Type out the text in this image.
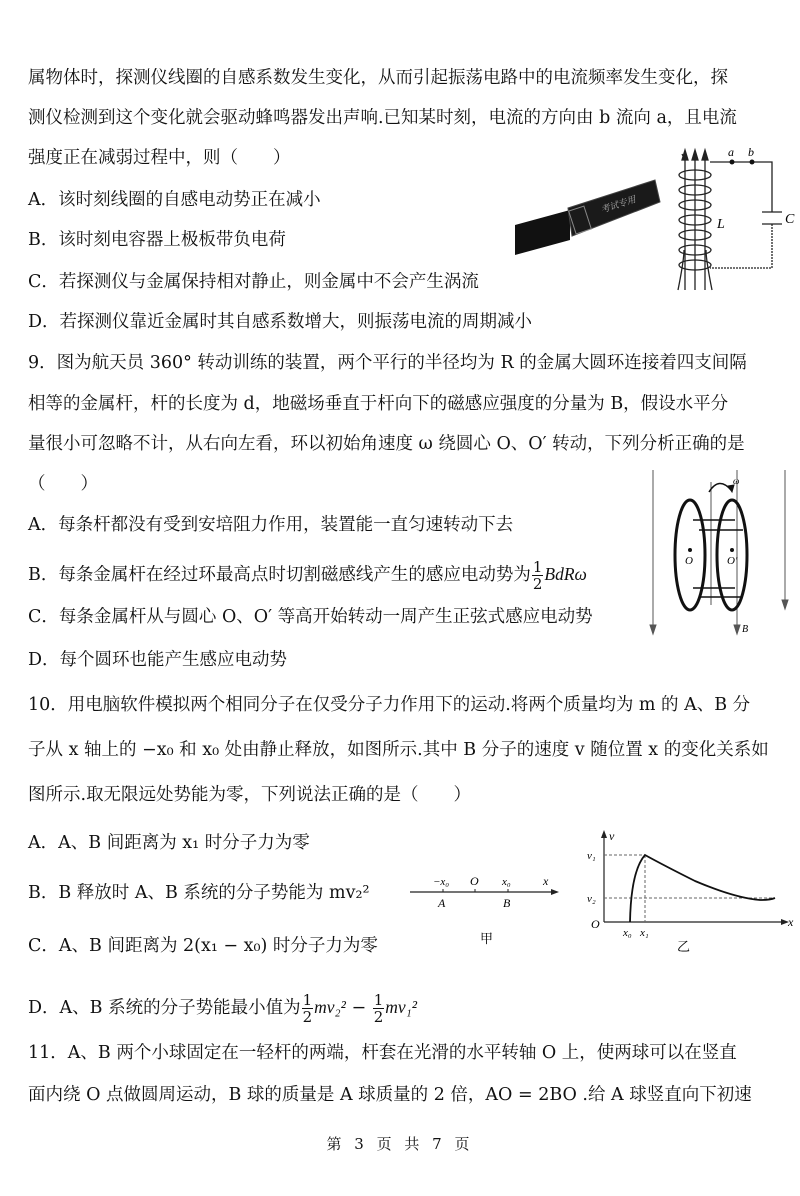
属物体时，探测仪线圈的自感系数发生变化，从而引起振荡电路中的电流频率发生变化，探
测仪检测到这个变化就会驱动蜂鸣器发出声响.已知某时刻，电流的方向由 b 流向 a，且电流
强度正在减弱过程中，则（　　）
A．该时刻线圈的自感电动势正在减小
B．该时刻电容器上极板带负电荷
C．若探测仪与金属保持相对静止，则金属中不会产生涡流
D．若探测仪靠近金属时其自感系数增大，则振荡电流的周期减小
考试专用
a b
L	C
9．图为航天员 360° 转动训练的装置，两个平行的半径均为 R 的金属大圆环连接着四支间隔
相等的金属杆，杆的长度为 d，地磁场垂直于杆向下的磁感应强度的分量为 B，假设水平分
量很小可忽略不计，从右向左看，环以初始角速度 ω 绕圆心 O、O′ 转动，下列分析正确的是
（　　）
A．每条杆都没有受到安培阻力作用，装置能一直匀速转动下去
B．每条金属杆在经过环最高点时切割磁感线产生的感应电动势为 $\frac{1}{2}$ BdRω
C．每条金属杆从与圆心 O、O′ 等高开始转动一周产生正弦式感应电动势
D．每个圆环也能产生感应电动势
O	O′
ω
B
10．用电脑软件模拟两个相同分子在仅受分子力作用下的运动.将两个质量均为 m 的 A、B 分
子从 x 轴上的 −x₀ 和 x₀ 处由静止释放，如图所示.其中 B 分子的速度 v 随位置 x 的变化关系如
图所示.取无限远处势能为零，下列说法正确的是（　　）
A．A、B 间距离为 x₁ 时分子力为零
B．B 释放时 A、B 系统的分子势能为 mv₂²
C．A、B 间距离为 2(x₁ − x₀) 时分子力为零
D．A、B 系统的分子势能最小值为 $\frac{1}{2} mv_2^2 - \frac{1}{2} mv_1^2$
−x₀ O x₀	x
A	B
甲
v
v₁
v₂
O
x₀ x₁
x
乙
11．A、B 两个小球固定在一轻杆的两端，杆套在光滑的水平转轴 O 上，使两球可以在竖直
面内绕 O 点做圆周运动，B 球的质量是 A 球质量的 2 倍，AO = 2BO .给 A 球竖直向下初速
第 3 页 共 7 页
